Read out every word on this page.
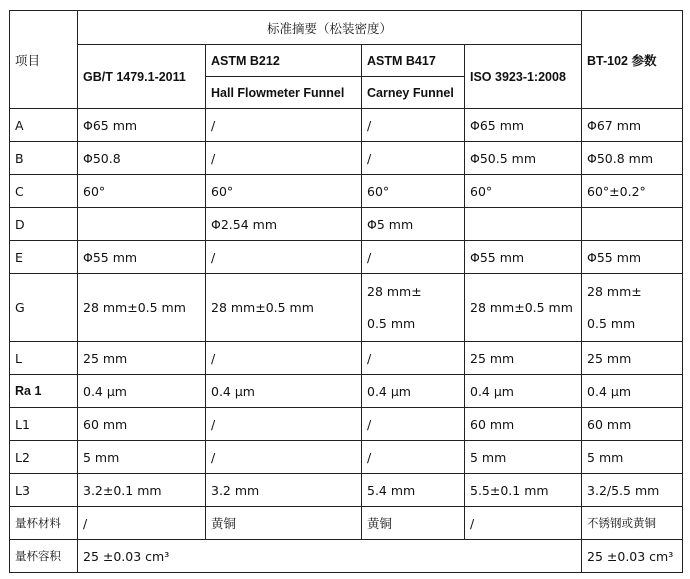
项目	标准摘要（松装密度）				BT-102 参数
	GB/T 1479.1-2011	ASTM B212	ASTM B417	ISO 3923-1:2008	
		Hall Flowmeter Funnel	Carney Funnel		
A	Φ65 mm	/	/	Φ65 mm	Φ67 mm
B	Φ50.8	/	/	Φ50.5 mm	Φ50.8 mm
C	60°	60°	60°	60°	60°±0.2°
D		Φ2.54 mm	Φ5 mm		
E	Φ55 mm	/	/	Φ55 mm	Φ55 mm
G	28 mm±0.5 mm	28 mm±0.5 mm	28 mm± 0.5 mm	28 mm±0.5 mm	28 mm± 0.5 mm
L	25 mm	/	/	25 mm	25 mm
Ra 1	0.4 μm	0.4 μm	0.4 μm	0.4 μm	0.4 μm
L1	60 mm	/	/	60 mm	60 mm
L2	5 mm	/	/	5 mm	5 mm
L3	3.2±0.1 mm	3.2 mm	5.4 mm	5.5±0.1 mm	3.2/5.5 mm
量杯材料	/	黄铜	黄铜	/	不锈钢或黄铜
量杯容积	25 ±0.03 cm³				25 ±0.03 cm³
